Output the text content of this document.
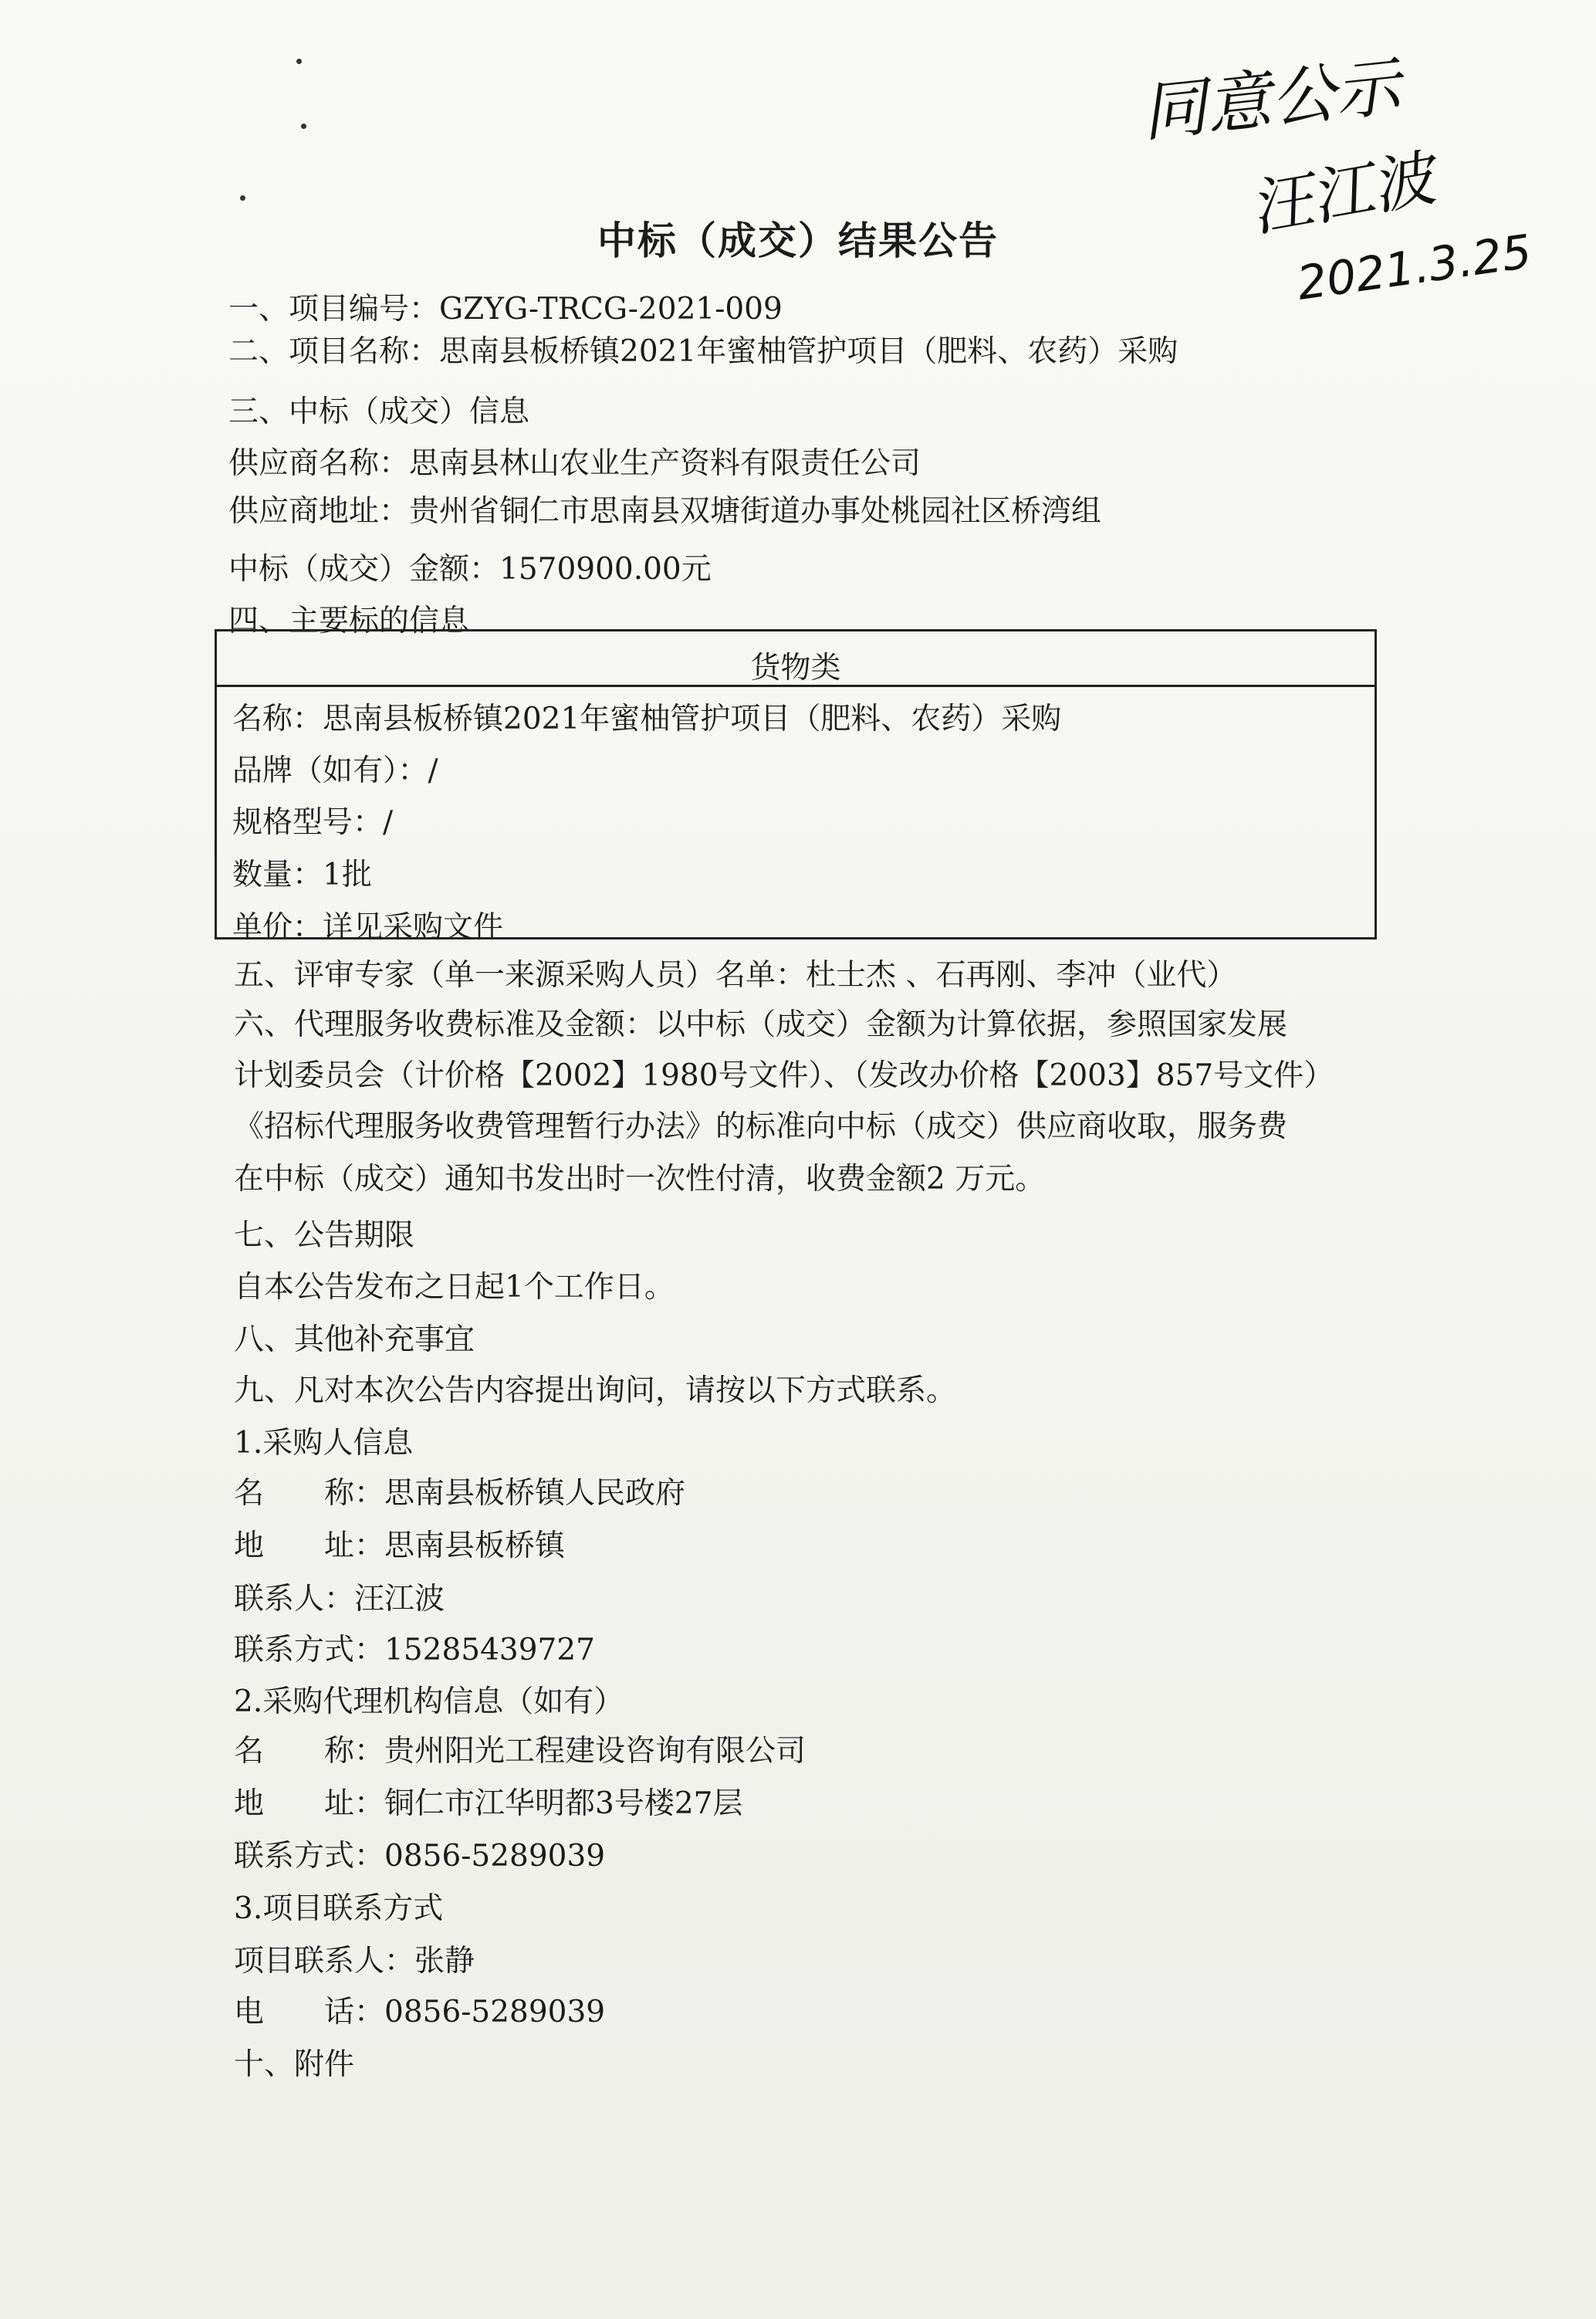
同意公示
汪江波
2021.3.25
中标（成交）结果公告
一、项目编号：GZYG-TRCG-2021-009
二、项目名称：思南县板桥镇2021年蜜柚管护项目（肥料、农药）采购
三、中标（成交）信息
供应商名称：思南县林山农业生产资料有限责任公司
供应商地址：贵州省铜仁市思南县双塘街道办事处桃园社区桥湾组
中标（成交）金额：1570900.00元
四、主要标的信息
货物类
名称：思南县板桥镇2021年蜜柚管护项目（肥料、农药）采购
品牌（如有）：/
规格型号：/
数量：1批
单价：详见采购文件
五、评审专家（单一来源采购人员）名单：杜士杰 、石再刚、李冲（业代）
六、代理服务收费标准及金额：以中标（成交）金额为计算依据，参照国家发展
计划委员会（计价格【2002】1980号文件）、（发改办价格【2003】857号文件）
《招标代理服务收费管理暂行办法》的标准向中标（成交）供应商收取，服务费
在中标（成交）通知书发出时一次性付清，收费金额2 万元。
七、公告期限
自本公告发布之日起1个工作日。
八、其他补充事宜
九、凡对本次公告内容提出询问，请按以下方式联系。
1.采购人信息
名　　称：思南县板桥镇人民政府
地　　址：思南县板桥镇
联系人：汪江波
联系方式：15285439727
2.采购代理机构信息（如有）
名　　称：贵州阳光工程建设咨询有限公司
地　　址：铜仁市江华明都3号楼27层
联系方式：0856-5289039
3.项目联系方式
项目联系人：张静
电　　话：0856-5289039
十、附件
